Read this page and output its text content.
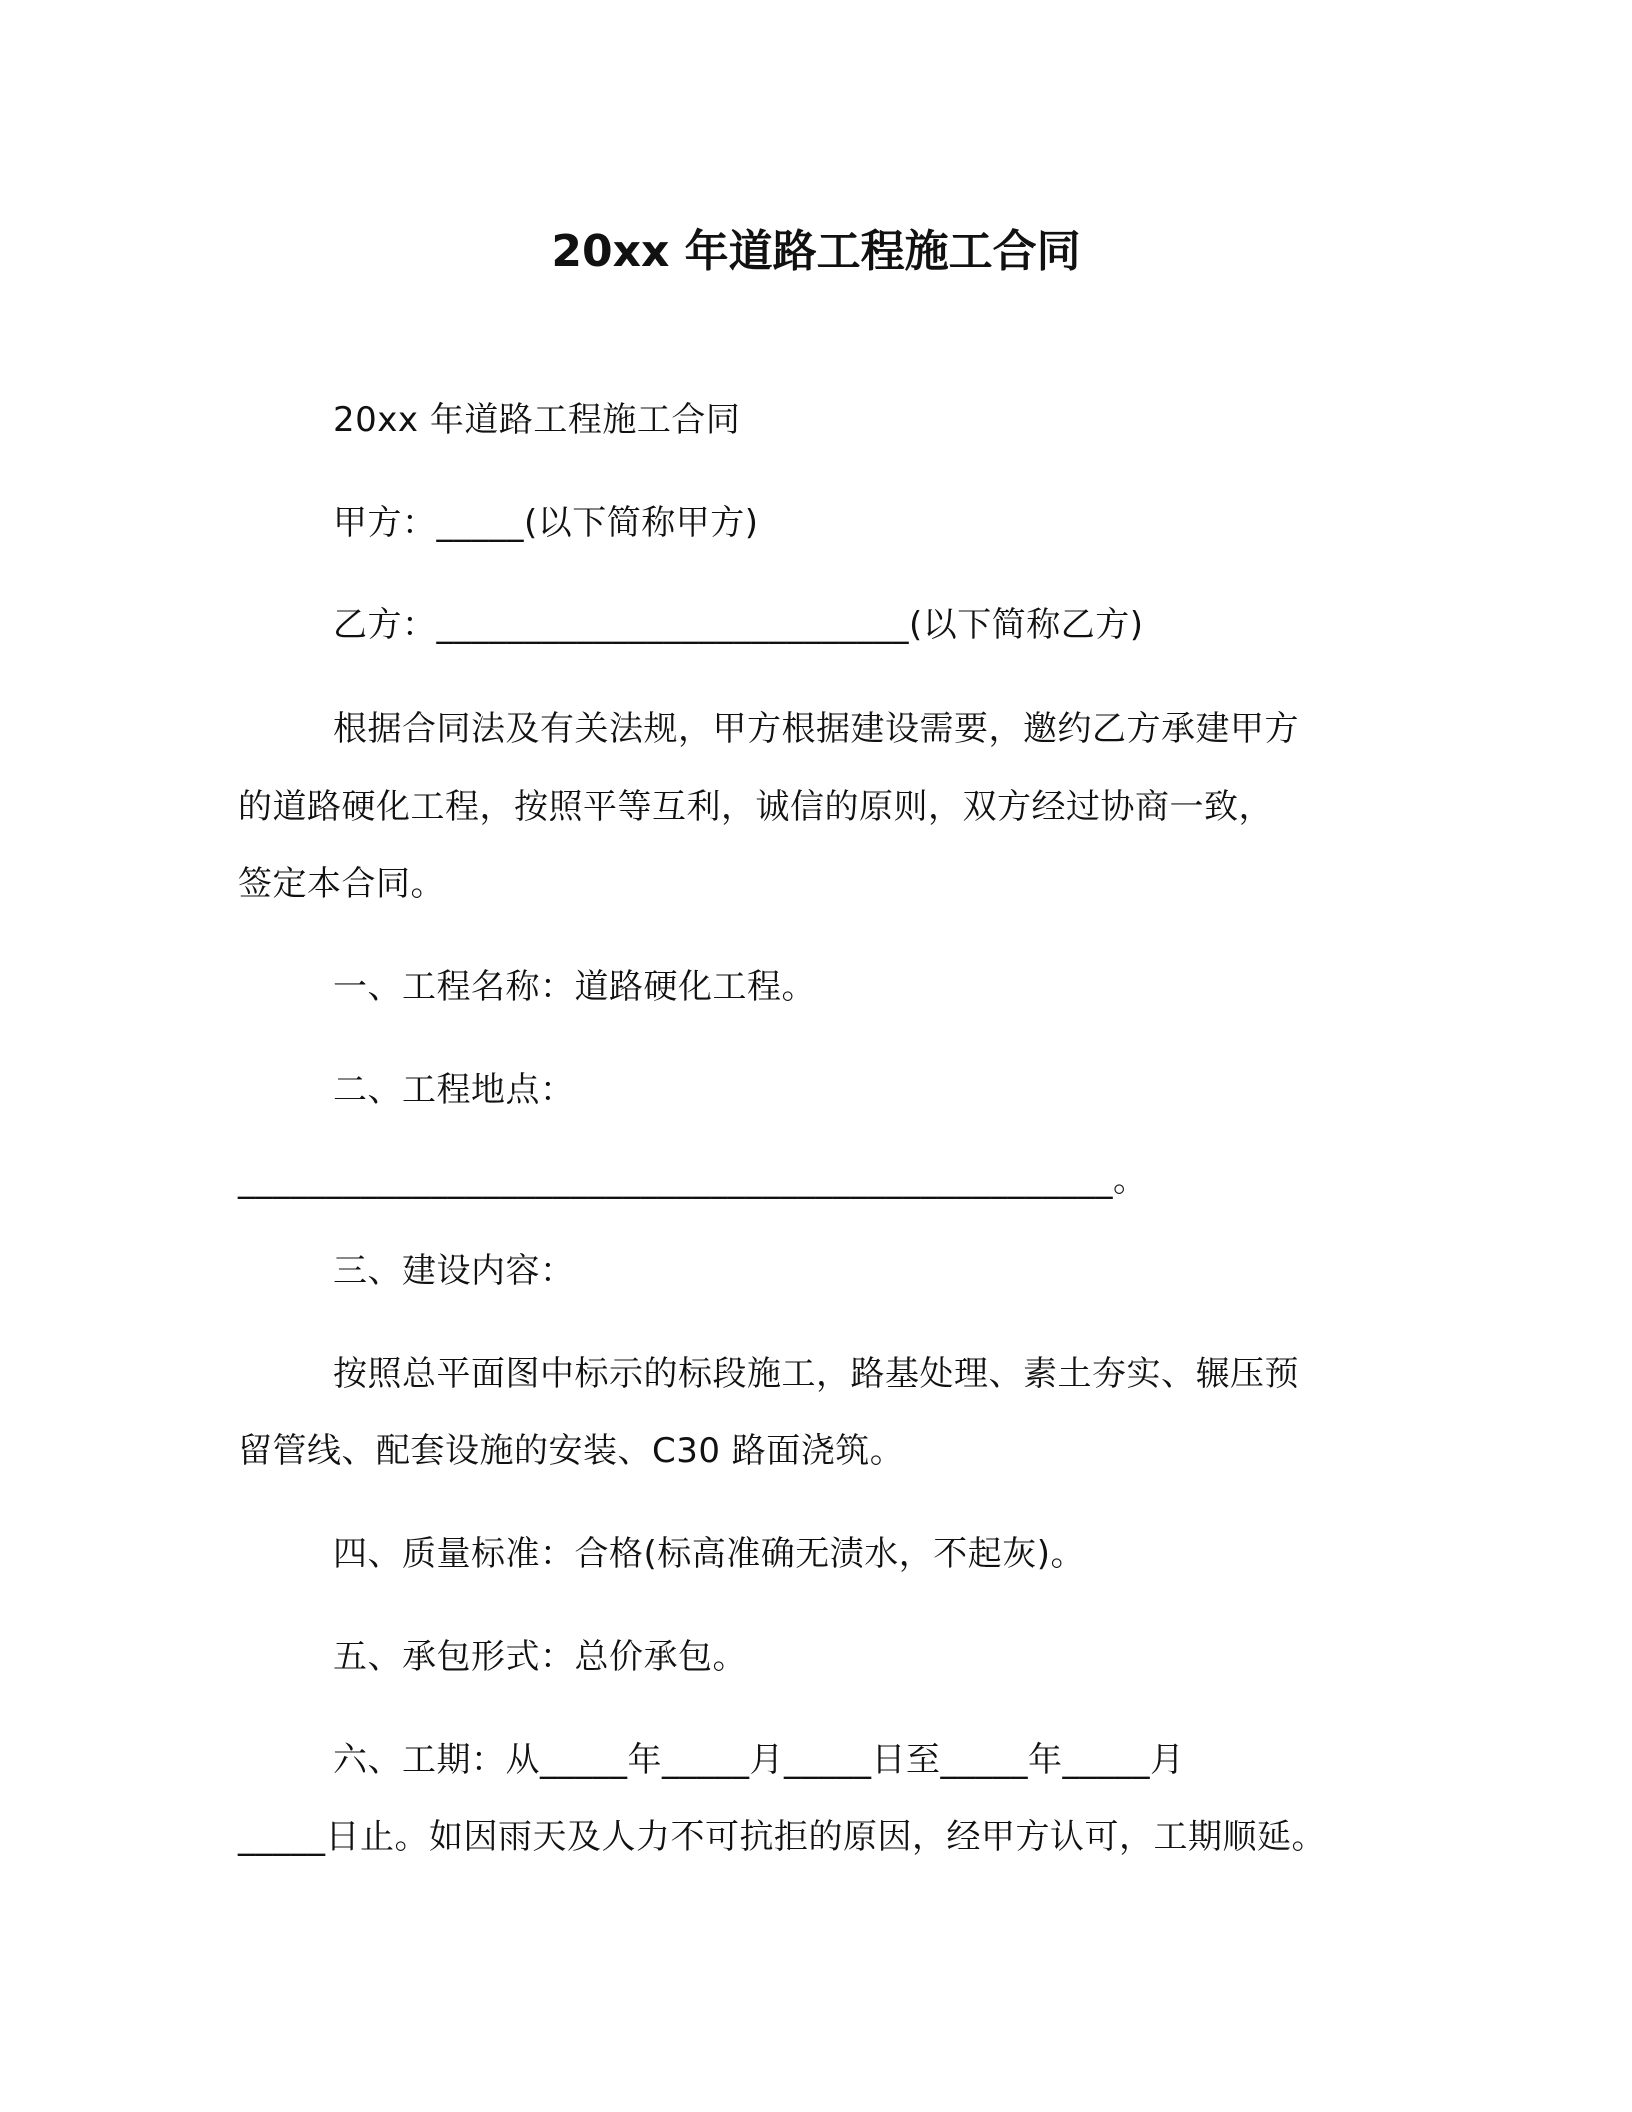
20xx 年道路工程施工合同
20xx 年道路工程施工合同
甲方：_____(以下简称甲方)
乙方：___________________________(以下简称乙方)
根据合同法及有关法规，甲方根据建设需要，邀约乙方承建甲方
的道路硬化工程，按照平等互利，诚信的原则，双方经过协商一致，
签定本合同。
一、工程名称：道路硬化工程。
二、工程地点：
__________________________________________________。
三、建设内容：
按照总平面图中标示的标段施工，路基处理、素土夯实、辗压预
留管线、配套设施的安装、C30 路面浇筑。
四、质量标准：合格(标高准确无渍水，不起灰)。
五、承包形式：总价承包。
六、工期：从_____年_____月_____日至_____年_____月
_____日止。如因雨天及人力不可抗拒的原因，经甲方认可，工期顺延。
